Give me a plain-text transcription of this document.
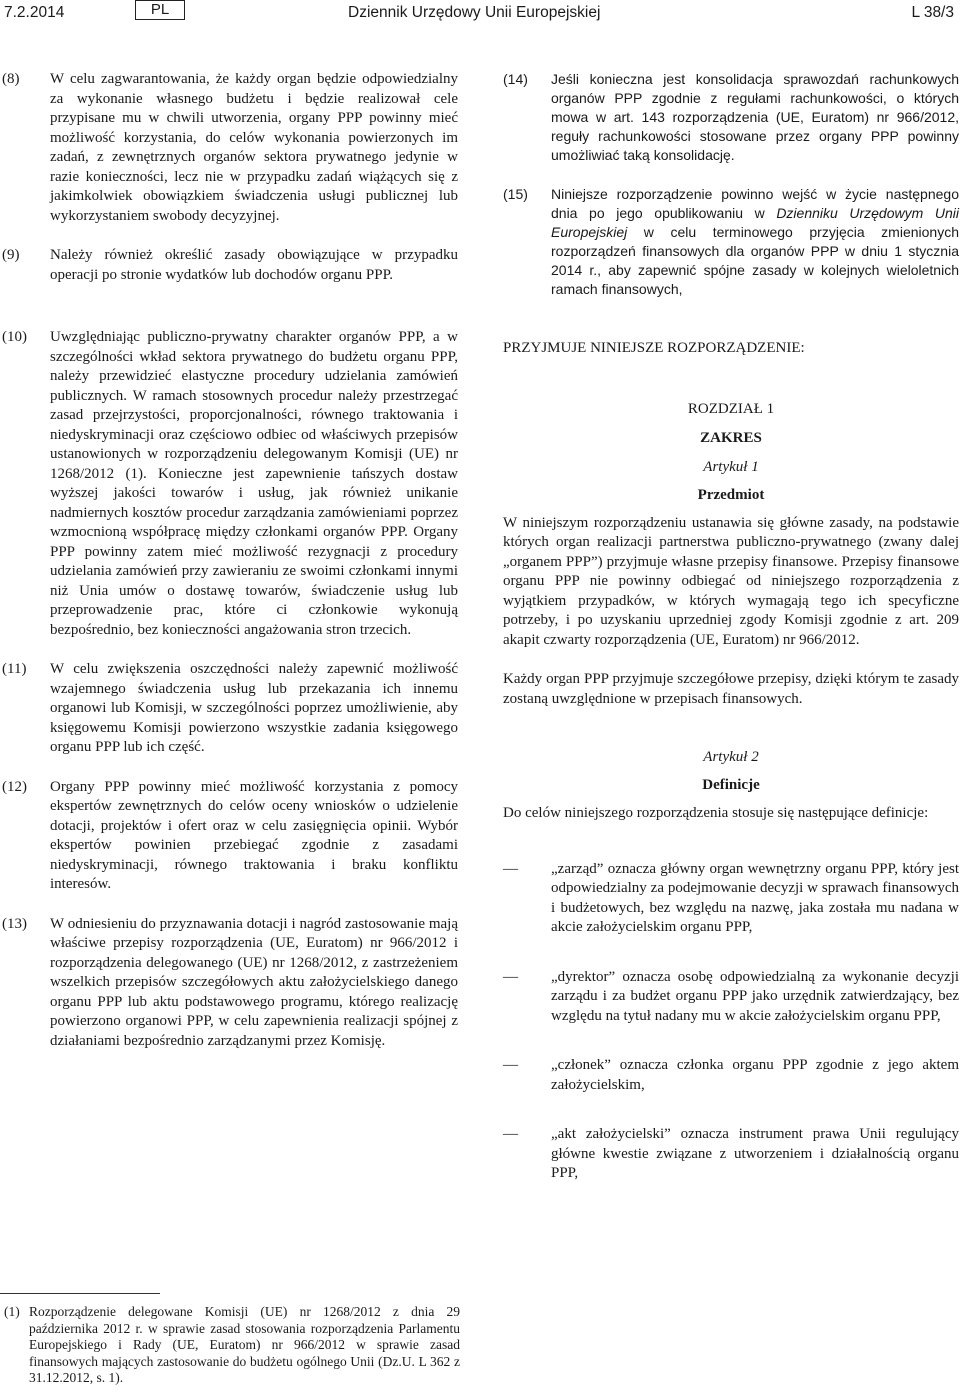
7.2.2014	PL	Dziennik Urzędowy Unii Europejskiej	L 38/3
(8)	W celu zagwarantowania, że każdy organ będzie odpowiedzialny za wykonanie własnego budżetu i będzie realizował cele przypisane mu w chwili utworzenia, organy PPP powinny mieć możliwość korzystania, do celów wykonania powierzonych im zadań, z zewnętrznych organów sektora prywatnego jedynie w razie konieczności, lecz nie w przypadku zadań wiążących się z jakimkolwiek obowiązkiem świadczenia usługi publicznej lub wykorzystaniem swobody decyzyjnej.
(9)	Należy również określić zasady obowiązujące w przypadku operacji po stronie wydatków lub dochodów organu PPP.
(10)	Uwzględniając publiczno-prywatny charakter organów PPP, a w szczególności wkład sektora prywatnego do budżetu organu PPP, należy przewidzieć elastyczne procedury udzielania zamówień publicznych. W ramach stosownych procedur należy przestrzegać zasad przejrzystości, proporcjonalności, równego traktowania i niedyskryminacji oraz częściowo odbiec od właściwych przepisów ustanowionych w rozporządzeniu delegowanym Komisji (UE) nr 1268/2012 (1). Konieczne jest zapewnienie tańszych dostaw wyższej jakości towarów i usług, jak również unikanie nadmiernych kosztów procedur zarządzania zamówieniami poprzez wzmocnioną współpracę między członkami organów PPP. Organy PPP powinny zatem mieć możliwość rezygnacji z procedury udzielania zamówień przy zawieraniu ze swoimi członkami innymi niż Unia umów o dostawę towarów, świadczenie usług lub przeprowadzenie prac, które ci członkowie wykonują bezpośrednio, bez konieczności angażowania stron trzecich.
(11)	W celu zwiększenia oszczędności należy zapewnić możliwość wzajemnego świadczenia usług lub przekazania ich innemu organowi lub Komisji, w szczególności poprzez umożliwienie, aby księgowemu Komisji powierzono wszystkie zadania księgowego organu PPP lub ich część.
(12)	Organy PPP powinny mieć możliwość korzystania z pomocy ekspertów zewnętrznych do celów oceny wniosków o udzielenie dotacji, projektów i ofert oraz w celu zasięgnięcia opinii. Wybór ekspertów powinien przebiegać zgodnie z zasadami niedyskryminacji, równego traktowania i braku konfliktu interesów.
(13)	W odniesieniu do przyznawania dotacji i nagród zastosowanie mają właściwe przepisy rozporządzenia (UE, Euratom) nr 966/2012 i rozporządzenia delegowanego (UE) nr 1268/2012, z zastrzeżeniem wszelkich przepisów szczegółowych aktu założycielskiego danego organu PPP lub aktu podstawowego programu, którego realizację powierzono organowi PPP, w celu zapewnienia realizacji spójnej z działaniami bezpośrednio zarządzanymi przez Komisję.
(1) Rozporządzenie delegowane Komisji (UE) nr 1268/2012 z dnia 29 października 2012 r. w sprawie zasad stosowania rozporządzenia Parlamentu Europejskiego i Rady (UE, Euratom) nr 966/2012 w sprawie zasad finansowych mających zastosowanie do budżetu ogólnego Unii (Dz.U. L 362 z 31.12.2012, s. 1).
(14)	Jeśli konieczna jest konsolidacja sprawozdań rachunkowych organów PPP zgodnie z regułami rachunkowości, o których mowa w art. 143 rozporządzenia (UE, Euratom) nr 966/2012, reguły rachunkowości stosowane przez organy PPP powinny umożliwiać taką konsolidację.
(15)	Niniejsze rozporządzenie powinno wejść w życie następnego dnia po jego opublikowaniu w Dzienniku Urzędowym Unii Europejskiej w celu terminowego przyjęcia zmienionych rozporządzeń finansowych dla organów PPP w dniu 1 stycznia 2014 r., aby zapewnić spójne zasady w kolejnych wieloletnich ramach finansowych,
PRZYJMUJE NINIEJSZE ROZPORZĄDZENIE:
ROZDZIAŁ 1
ZAKRES
Artykuł 1
Przedmiot
W niniejszym rozporządzeniu ustanawia się główne zasady, na podstawie których organ realizacji partnerstwa publiczno-prywatnego (zwany dalej „organem PPP”) przyjmuje własne przepisy finansowe. Przepisy finansowe organu PPP nie powinny odbiegać od niniejszego rozporządzenia z wyjątkiem przypadków, w których wymagają tego ich specyficzne potrzeby, i po uzyskaniu uprzedniej zgody Komisji zgodnie z art. 209 akapit czwarty rozporządzenia (UE, Euratom) nr 966/2012.
Każdy organ PPP przyjmuje szczegółowe przepisy, dzięki którym te zasady zostaną uwzględnione w przepisach finansowych.
Artykuł 2
Definicje
Do celów niniejszego rozporządzenia stosuje się następujące definicje:
—	„zarząd” oznacza główny organ wewnętrzny organu PPP, który jest odpowiedzialny za podejmowanie decyzji w sprawach finansowych i budżetowych, bez względu na nazwę, jaka została mu nadana w akcie założycielskim organu PPP,
—	„dyrektor” oznacza osobę odpowiedzialną za wykonanie decyzji zarządu i za budżet organu PPP jako urzędnik zatwierdzający, bez względu na tytuł nadany mu w akcie założycielskim organu PPP,
—	„członek” oznacza członka organu PPP zgodnie z jego aktem założycielskim,
—	„akt założycielski” oznacza instrument prawa Unii regulujący główne kwestie związane z utworzeniem i działalnością organu PPP,
